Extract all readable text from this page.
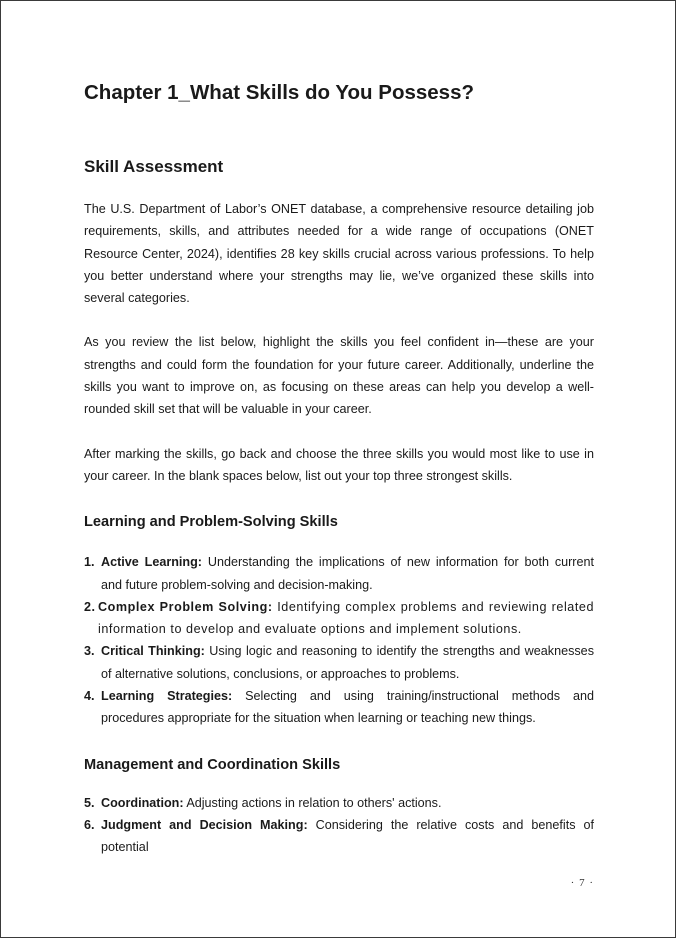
Chapter 1_What Skills do You Possess?
Skill Assessment

The U.S. Department of Labor’s ONET database, a comprehensive resource detailing job requirements, skills, and attributes needed for a wide range of occupations (ONET Resource Center, 2024), identifies 28 key skills crucial across various professions. To help you better understand where your strengths may lie, we’ve organized these skills into several categories.

As you review the list below, highlight the skills you feel confident in—these are your strengths and could form the foundation for your future career. Additionally, underline the skills you want to improve on, as focusing on these areas can help you develop a well-rounded skill set that will be valuable in your career.

After marking the skills, go back and choose the three skills you would most like to use in your career. In the blank spaces below, list out your top three strongest skills.

Learning and Problem-Solving Skills
1. Active Learning: Understanding the implications of new information for both current and future problem-solving and decision-making.
2. Complex Problem Solving: Identifying complex problems and reviewing related information to develop and evaluate options and implement solutions.
3. Critical Thinking: Using logic and reasoning to identify the strengths and weaknesses of alternative solutions, conclusions, or approaches to problems.
4. Learning Strategies: Selecting and using training/instructional methods and procedures appropriate for the situation when learning or teaching new things.
Management and Coordination Skills
5. Coordination: Adjusting actions in relation to others' actions.
6. Judgment and Decision Making: Considering the relative costs and benefits of potential
· 7 ·
